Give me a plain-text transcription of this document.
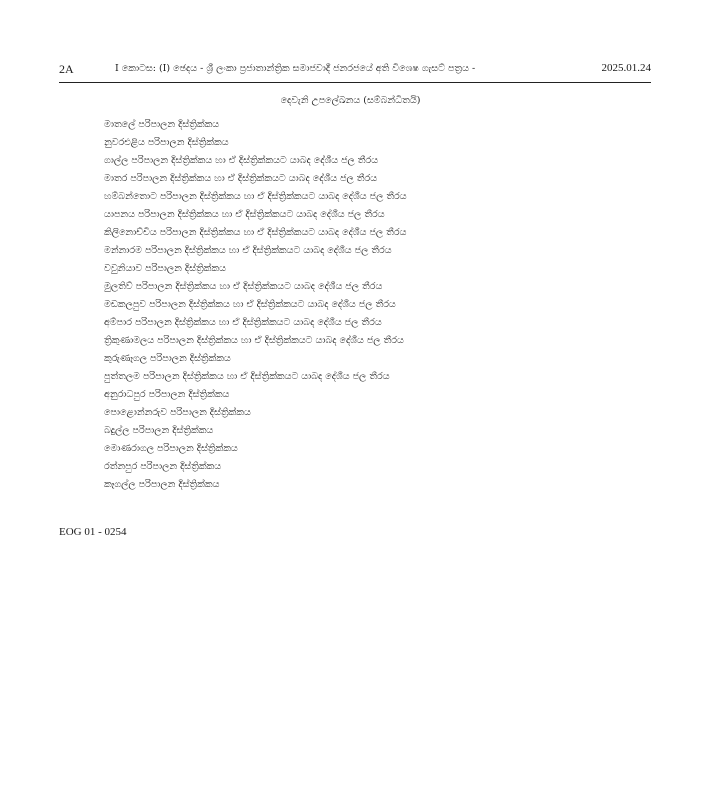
2A	I කොටස: (I) ඡෙදය - ශ්‍රී ලංකා ප්‍රජාතාන්ත්‍රික සමාජවාදී ජනරජයේ අති විශෙෂ ගැසට් පත්‍රය -	2025.01.24
දෙවැනි උපලේඛනය (සම්බන්ධිතයි)
මාතලේ පරිපාලන දිස්ත්‍රික්කය
නුවරඑළිය පරිපාලන දිස්ත්‍රික්කය
ගාල්ල පරිපාලන දිස්ත්‍රික්කය හා ඒ දිස්ත්‍රික්කයට යාබද දේශීය ජල තීරය
මාතර පරිපාලන දිස්ත්‍රික්කය හා ඒ දිස්ත්‍රික්කයට යාබද දේශීය ජල තීරය
හම්බන්තොට පරිපාලන දිස්ත්‍රික්කය හා ඒ දිස්ත්‍රික්කයට යාබද දේශීය ජල තීරය
යාපනය පරිපාලන දිස්ත්‍රික්කය හා ඒ දිස්ත්‍රික්කයට යාබද දේශීය ජල තීරය
කිලිනොච්චිය පරිපාලන දිස්ත්‍රික්කය හා ඒ දිස්ත්‍රික්කයට යාබද දේශීය ජල තීරය
මන්නාරම පරිපාලන දිස්ත්‍රික්කය හා ඒ දිස්ත්‍රික්කයට යාබද දේශීය ජල තීරය
වවුනියාව පරිපාලන දිස්ත්‍රික්කය
මුලතිව් පරිපාලන දිස්ත්‍රික්කය හා ඒ දිස්ත්‍රික්කයට යාබද දේශීය ජල තීරය
මඩකලපුව පරිපාලන දිස්ත්‍රික්කය හා ඒ දිස්ත්‍රික්කයට යාබද දේශීය ජල තීරය
අම්පාර පරිපාලන දිස්ත්‍රික්කය හා ඒ දිස්ත්‍රික්කයට යාබද දේශීය ජල තීරය
ත්‍රිකුණාමලය පරිපාලන දිස්ත්‍රික්කය හා ඒ දිස්ත්‍රික්කයට යාබද දේශීය ජල තීරය
කුරුණෑගල පරිපාලන දිස්ත්‍රික්කය
පුත්තලම පරිපාලන දිස්ත්‍රික්කය හා ඒ දිස්ත්‍රික්කයට යාබද දේශීය ජල තීරය
අනුරාධපුර පරිපාලන දිස්ත්‍රික්කය
පොළොන්නරුව පරිපාලන දිස්ත්‍රික්කය
බදුල්ල පරිපාලන දිස්ත්‍රික්කය
මොණරාගල පරිපාලන දිස්ත්‍රික්කය
රත්නපුර පරිපාලන දිස්ත්‍රික්කය
කෑගල්ල පරිපාලන දිස්ත්‍රික්කය
EOG 01 - 0254
